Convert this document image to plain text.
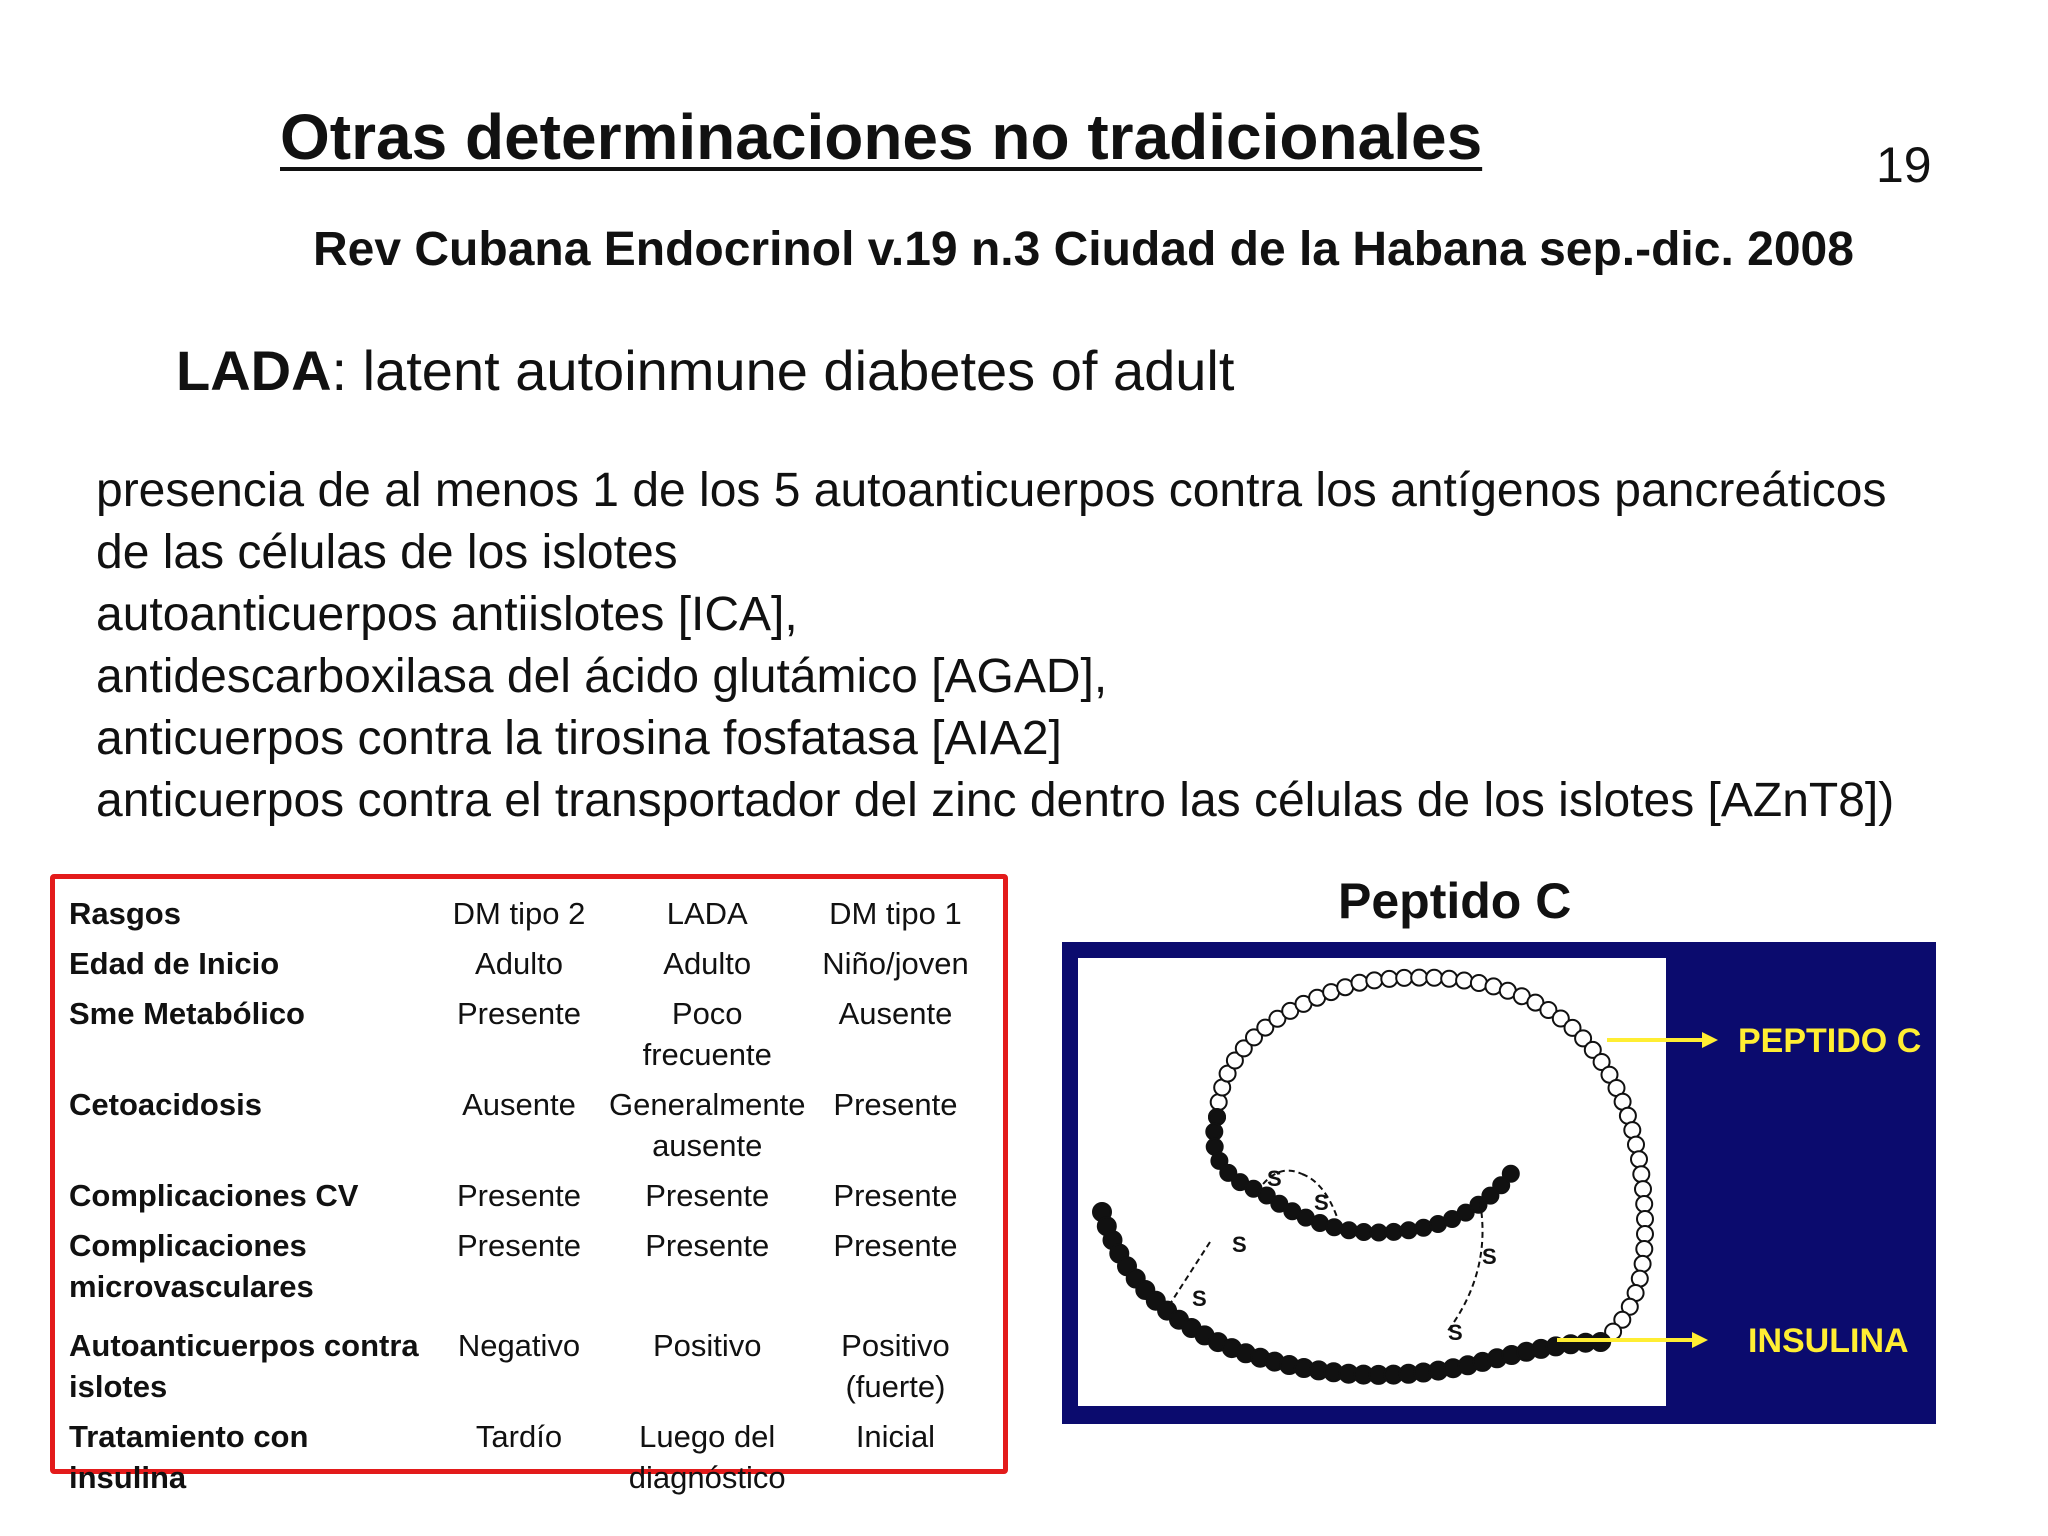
Otras determinaciones no tradicionales	19
Rev Cubana Endocrinol v.19 n.3 Ciudad de la Habana sep.-dic. 2008
LADA: latent autoinmune diabetes of adult
presencia de al menos 1 de los 5 autoanticuerpos contra los antígenos pancreáticos
de las células de los islotes
autoanticuerpos antiislotes [ICA],
antidescarboxilasa del ácido glutámico [AGAD],
anticuerpos contra la tirosina fosfatasa [AIA2]
anticuerpos contra el transportador del zinc dentro las células de los islotes [AZnT8])
Rasgos	DM tipo 2	LADA	DM tipo 1
Edad de Inicio	Adulto	Adulto	Niño/joven
Sme Metabólico	Presente	Poco frecuente	Ausente
Cetoacidosis	Ausente	Generalmente ausente	Presente
Complicaciones CV	Presente	Presente	Presente
Complicaciones microvasculares	Presente	Presente	Presente
Autoanticuerpos contra islotes	Negativo	Positivo	Positivo (fuerte)
Tratamiento con insulina	Tardío	Luego del diagnóstico	Inicial
Peptido C
S
S
S
S
S
S
PEPTIDO C
INSULINA
